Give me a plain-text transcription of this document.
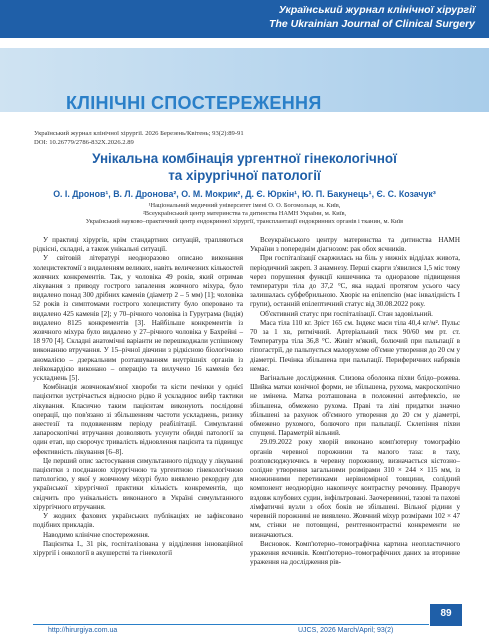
Український журнал клінічної хірургії
The Ukrainian Journal of Clinical Surgery
КЛІНІЧНІ СПОСТЕРЕЖЕННЯ
Український журнал клінічної хірургії. 2026 Березень/Квітень; 93(2):89-91
DOI: 10.26779/2786-832X.2026.2.89
Унікальна комбінація ургентної гінекологічної
та хірургічної патології
О. І. Дронов¹, В. Л. Дронова², О. М. Мокрик², Д. Є. Юркін¹, Ю. П. Бакунець¹, Є. С. Козачук³
¹Національний медичний університет імені О. О. Богомольця, м. Київ,
²Всеукраїнський центр материнства та дитинства НАМН України, м. Київ,
Український науково–практичний центр ендокринної хірургії, трансплантації ендокринних органів і тканин, м. Київ

У практиці хірургів, крім стандартних ситуацій, трапляються рідкісні, складні, а також унікальні ситуації.

У світовій літературі неодноразово описано виконання холецистектомії з видаленням великих, навіть величезних кількостей жовчних конкрементів. Так, у чоловіка 49 років, який отримав лікування з приводу гострого запалення жовчного міхура, було видалено понад 300 дрібних каменів (діаметр 2 – 5 мм) [1]; чоловіка 52 років із симптомами гострого холециститу було оперовано та видалено 425 каменів [2]; у 70–річного чоловіка із Гуруграма (Індія) видалено 8125 конкрементів [3]. Найбільше конкрементів із жовчного міхура було видалено у 27–річного чоловіка у Бахрейні – 18 970 [4]. Складні анатомічні варіанти не перешкоджали успішному виконанню втручання. У 15–річної дівчини з рідкісною біологічною аномалією – дзеркальним розташуванням внутрішніх органів із лейкокардією виконано – операцію та вилучено 16 каменів без ускладнень [5].

Комбінація жовчнокам'яної хвороби та кісти печінки у однієї пацієнтки зустрічається відносно рідко й ускладнює вибір тактики лікування. Класично таким пацієнтам виконують послідовні операції, що пов'язано зі збільшенням частоти ускладнень, ризику анестезії та подовженням періоду реабілітації. Симультанні лапароскопічні втручання дозволяють усунути обидві патології за один етап, що скорочує тривалість відновлення пацієнта та підвищує ефективність лікування [6–8].

Це перший опис застосування симультанного підходу у лікуванні пацієнтки з поєднаною хірургічною та ургентною гінекологічною патологією, у якої у жовчному міхурі було виявлено рекордну для української хірургічної практики кількість конкрементів, що свідчить про унікальність виконаного в Україні симультанного хірургічного втручання.

У жодних фахових українських публікаціях не зафіксовано подібних прикладів.

Наводимо клінічне спостереження.

Пацієнтка І., 31 рік, госпіталізована у відділення інноваційної хірургії і онкології в акушерстві та гінекології

Всеукраїнського центру материнства та дитинства НАМН України з попереднім діагнозом: рак обох яєчників.

При госпіталізації скаржилась на біль у нижніх відділах живота, періодичний закреп. З анамнезу. Перші скарги з'явилися 1,5 міс тому через порушення функції кишечника та одноразове підвищення температури тіла до 37,2 °С, яка надалі протягом усього часу залишалась субфебрильною. Хворіє на епілепсію (має інвалідність І групи), останній епілептичний статус від 30.08.2022 року.

Об'єктивний статус при госпіталізації. Стан задовільний.

Маса тіла 110 кг. Зріст 165 см. Індекс маси тіла 40,4 кг/м². Пульс 70 за 1 хв, ритмічний. Артеріальний тиск 90/60 мм рт. ст. Температура тіла 36,8 °С. Живіт м'який, болючий при пальпації в гіпогастрії, де пальпується малорухоме об'ємне утворення до 20 см у діаметрі. Печінка збільшена при пальпації. Периферичних набряків немає.

Вагінальне дослідження. Слизова оболонка піхви блідо–рожева. Шийка матки конічної форми, не збільшена, рухома, макроскопічно не змінена. Матка розташована в положенні антефлексіо, не збільшена, обмежено рухома. Праві та ліві придатки значно збільшені за рахунок об'ємного утворення до 20 см у діаметрі, обмежено рухомого, болючого при пальпації. Склепіння піхви спущені. Параметрій вільний.

29.09.2022 року хворій виконано комп'ютерну томографію органів черевної порожнини та малого таза: в таху, розповсюджуючись в черевну порожнину, визначається кістозно–солідне утворення загальними розмірами 310 × 244 × 115 мм, із множинними перетинками нерівномірної товщини, солідний компонент неоднорідно накопичує контрастну речовину. Праворуч вздовж клубових судин, інфільтровані. Заочеревинні, тазові та пахові лімфатичні вузли з обох боків не збільшені. Вільної рідини у черевній порожнині не виявлено. Жовчний міхур розмірами 102 × 47 мм, стінки не потовщені, рентгенконтрастні конкременти не визначаються.

Висновок. Комп'ютерно–томографічна картина неопластичного ураження яєчників. Комп'ютерно–томографічних даних за вторинне ураження на дослідження рів-

http://hirurgiya.com.ua	UJCS, 2026 March/April; 93(2)
89
